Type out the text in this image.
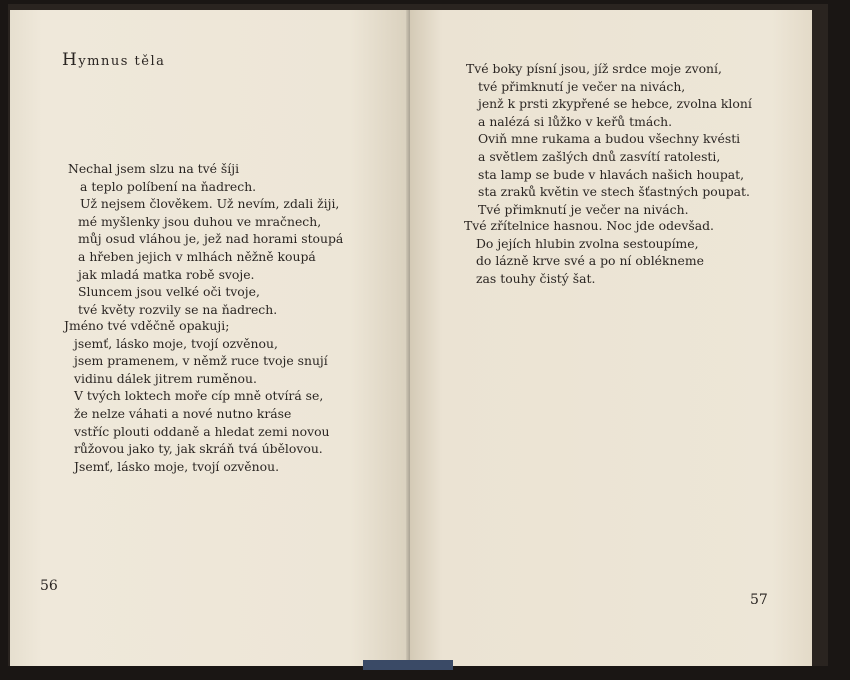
Hymnus těla
Nechal jsem slzu na tvé šíji
a teplo políbení na ňadrech.
Už nejsem člověkem. Už nevím, zdali žiji,
mé myšlenky jsou duhou ve mračnech,
můj osud vláhou je, jež nad horami stoupá
a hřeben jejich v mlhách něžně koupá
jak mladá matka robě svoje.
Sluncem jsou velké oči tvoje,
tvé květy rozvily se na ňadrech.
Jméno tvé vděčně opakuji;
jsemť, lásko moje, tvojí ozvěnou,
jsem pramenem, v němž ruce tvoje snují
vidinu dálek jitrem ruměnou.
V tvých loktech moře cíp mně otvírá se,
že nelze váhati a nové nutno kráse
vstříc plouti oddaně a hledat zemi novou
růžovou jako ty, jak skráň tvá úbělovou.
Jsemť, lásko moje, tvojí ozvěnou.
56
Tvé boky písní jsou, jíž srdce moje zvoní,
tvé přimknutí je večer na nivách,
jenž k prsti zkypřené se hebce, zvolna kloní
a nalézá si lůžko v keřů tmách.
Oviň mne rukama a budou všechny kvésti
a světlem zašlých dnů zasvítí ratolesti,
sta lamp se bude v hlavách našich houpat,
sta zraků květin ve stech šťastných poupat.
Tvé přimknutí je večer na nivách.
Tvé zřítelnice hasnou. Noc jde odevšad.
Do jejích hlubin zvolna sestoupíme,
do lázně krve své a po ní oblékneme
zas touhy čistý šat.
57
